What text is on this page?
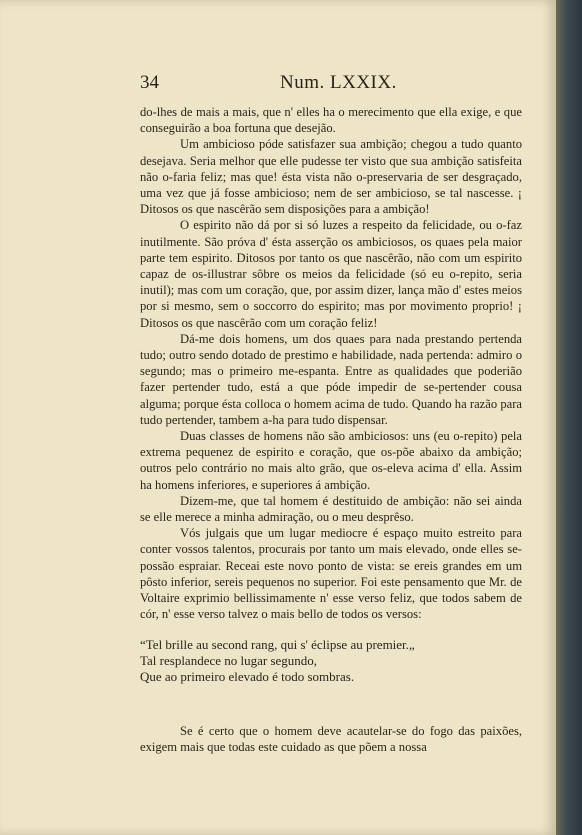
34	Num. LXXIX.

do-lhes de mais a mais, que n' elles ha o merecimento que ella exige, e que conseguirão a boa fortuna que desejão.

Um ambicioso póde satisfazer sua ambição; chegou a tudo quanto desejava. Seria melhor que elle pudesse ter visto que sua ambição satisfeita não o-faria feliz; mas que! ésta vista não o-preservaria de ser desgraçado, uma vez que já fosse ambicioso; nem de ser ambicioso, se tal nascesse. ¡ Ditosos os que nascêrão sem disposições para a ambição!

O espirito não dá por si só luzes a respeito da felicidade, ou o-faz inutilmente. São próva d' ésta asserção os ambiciosos, os quaes pela maior parte tem espirito. Ditosos por tanto os que nascêrão, não com um espirito capaz de os-illustrar sôbre os meios da felicidade (só eu o-repito, seria inutil); mas com um coração, que, por assim dizer, lança mão d' estes meios por si mesmo, sem o soccorro do espirito; mas por movimento proprio! ¡ Ditosos os que nascêrão com um coração feliz!

Dá-me dois homens, um dos quaes para nada prestando pertenda tudo; outro sendo dotado de prestimo e habilidade, nada pertenda: admiro o segundo; mas o primeiro me-espanta. Entre as qualidades que poderião fazer pertender tudo, está a que póde impedir de se-pertender cousa alguma; porque ésta colloca o homem acima de tudo. Quando ha razão para tudo pertender, tambem a-ha para tudo dispensar.

Duas classes de homens não são ambiciosos: uns (eu o-repito) pela extrema pequenez de espirito e coração, que os-põe abaixo da ambição; outros pelo contrário no mais alto grão, que os-eleva acima d' ella. Assim ha homens inferiores, e superiores á ambição.

Dizem-me, que tal homem é destituido de ambição: não sei ainda se elle merece a minha admiração, ou o meu desprêso.

Vós julgais que um lugar mediocre é espaço muito estreito para conter vossos talentos, procurais por tanto um mais elevado, onde elles se-possão espraiar. Receai este novo ponto de vista: se ereis grandes em um pôsto inferior, sereis pequenos no superior. Foi este pensamento que Mr. de Voltaire exprimio bellissimamente n' esse verso feliz, que todos sabem de cór, n' esse verso talvez o mais bello de todos os versos:

“Tel brille au second rang, qui s' éclipse au premier.„

Tal resplandece no lugar segundo,

Que ao primeiro elevado é todo sombras.

Se é certo que o homem deve acautelar-se do fogo das paixões, exigem mais que todas este cuidado as que põem a nossa
